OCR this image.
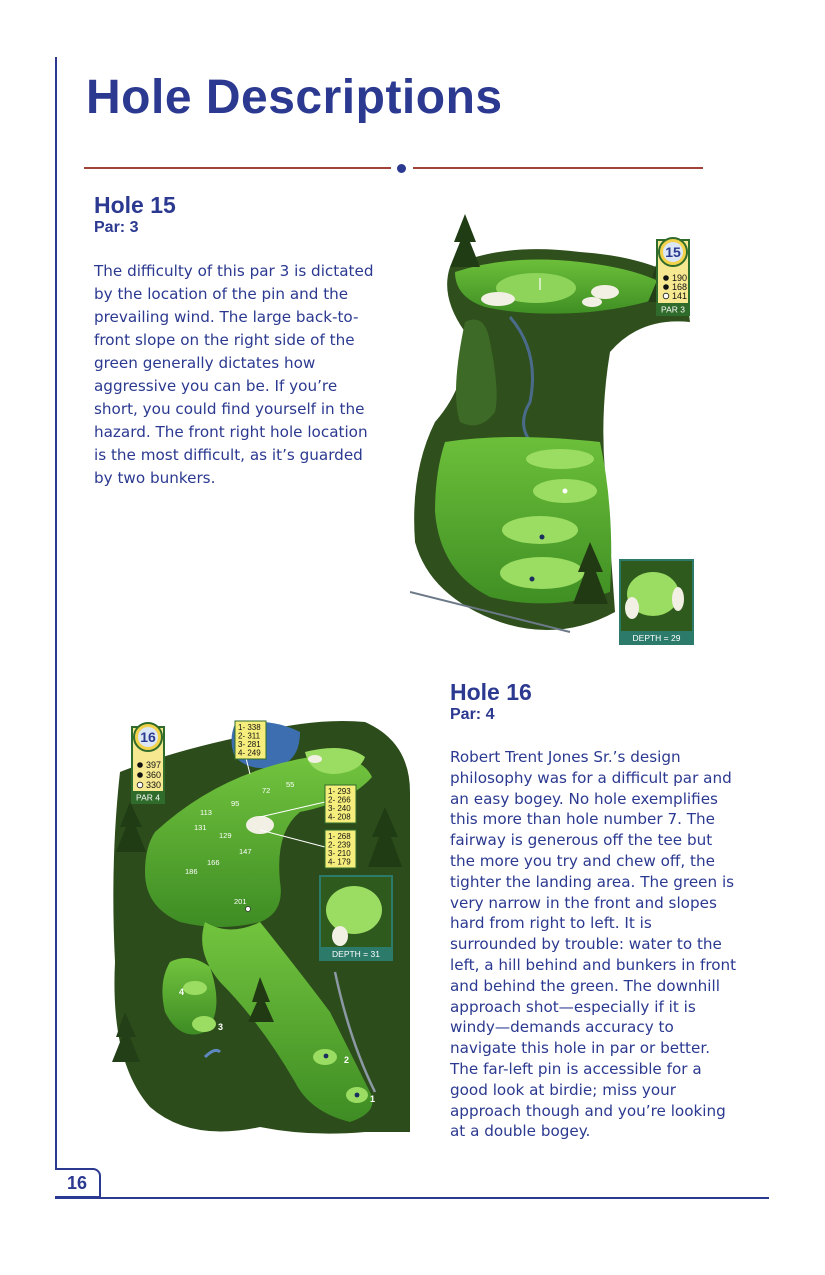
16
Hole Descriptions
Hole 15
Par: 3

The difficulty of this par 3 is dictated by the location of the pin and the prevailing wind. The large back-to-front slope on the right side of the green generally dictates how aggressive you can be. If you’re short, you could find yourself in the hazard. The front right hole location is the most difficult, as it’s guarded by two bunkers.

15
190
168
141
PAR 3
DEPTH = 29
4
3
2
1
55
72
95
113
131
129
147
166
186
201
1- 338
2- 311
3- 281
4- 249
1- 293
2- 266
3- 240
4- 208
1- 268
2- 239
3- 210
4- 179
16
397
360
330
PAR 4
DEPTH = 31
Hole 16
Par: 4

Robert Trent Jones Sr.’s design philosophy was for a difficult par and an easy bogey. No hole exemplifies this more than hole number 7. The fairway is generous off the tee but the more you try and chew off, the tighter the landing area. The green is very narrow in the front and slopes hard from right to left. It is surrounded by trouble: water to the left, a hill behind and bunkers in front and behind the green. The downhill approach shot—especially if it is windy—demands accuracy to navigate this hole in par or better. The far-left pin is accessible for a good look at birdie; miss your approach though and you’re looking at a double bogey.
